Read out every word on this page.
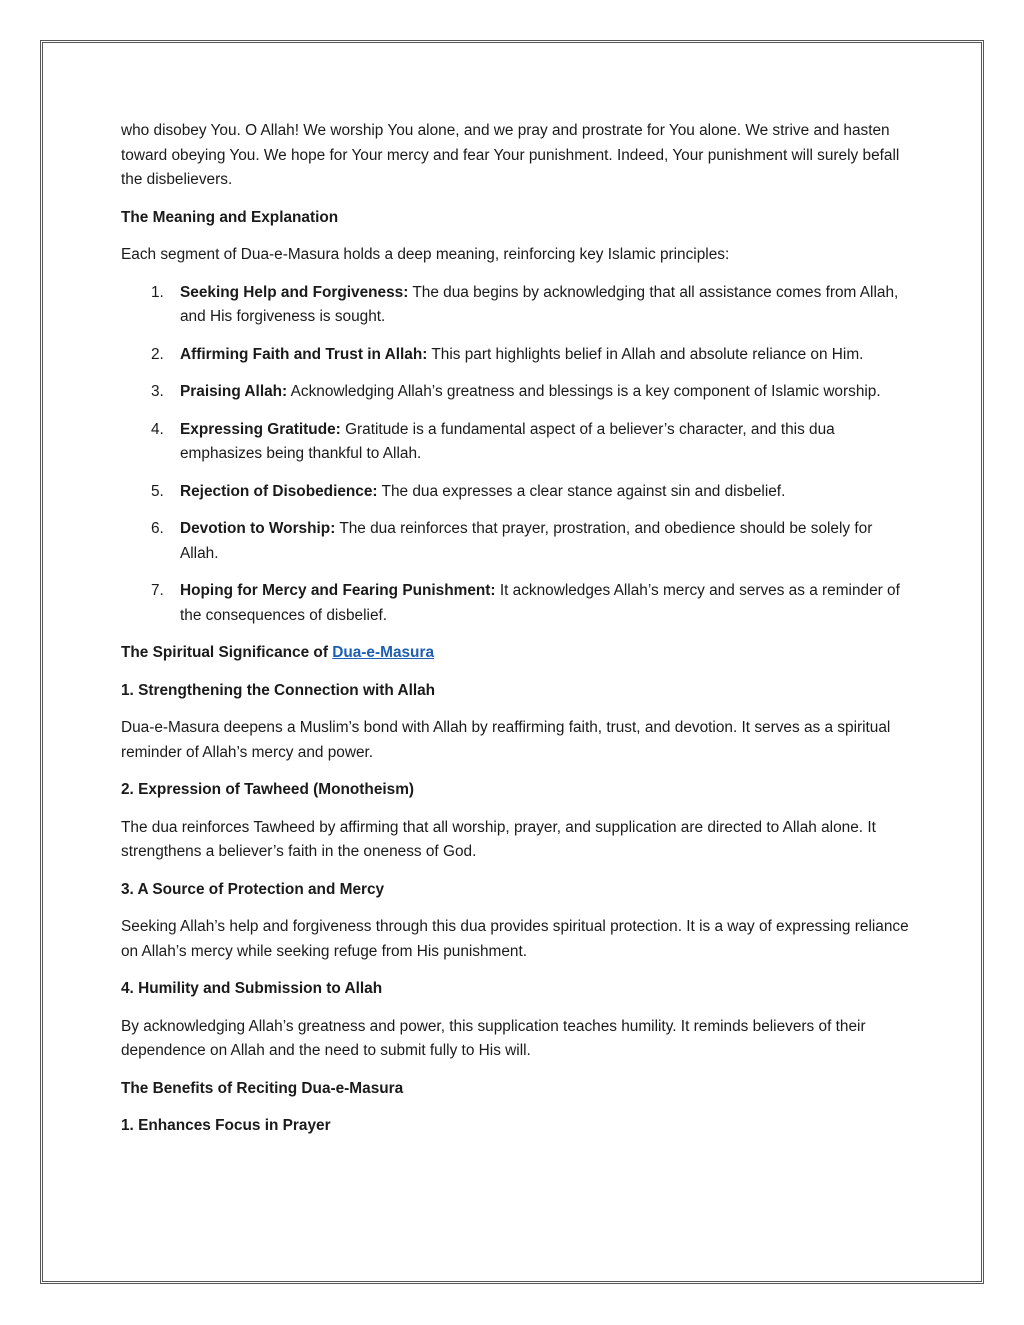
who disobey You. O Allah! We worship You alone, and we pray and prostrate for You alone. We strive and hasten toward obeying You. We hope for Your mercy and fear Your punishment. Indeed, Your punishment will surely befall the disbelievers.

The Meaning and Explanation

Each segment of Dua-e-Masura holds a deep meaning, reinforcing key Islamic principles:

1. Seeking Help and Forgiveness: The dua begins by acknowledging that all assistance comes from Allah, and His forgiveness is sought.
2. Affirming Faith and Trust in Allah: This part highlights belief in Allah and absolute reliance on Him.
3. Praising Allah: Acknowledging Allah’s greatness and blessings is a key component of Islamic worship.
4. Expressing Gratitude: Gratitude is a fundamental aspect of a believer’s character, and this dua emphasizes being thankful to Allah.
5. Rejection of Disobedience: The dua expresses a clear stance against sin and disbelief.
6. Devotion to Worship: The dua reinforces that prayer, prostration, and obedience should be solely for Allah.
7. Hoping for Mercy and Fearing Punishment: It acknowledges Allah’s mercy and serves as a reminder of the consequences of disbelief.

The Spiritual Significance of Dua-e-Masura

1. Strengthening the Connection with Allah

Dua-e-Masura deepens a Muslim’s bond with Allah by reaffirming faith, trust, and devotion. It serves as a spiritual reminder of Allah’s mercy and power.

2. Expression of Tawheed (Monotheism)

The dua reinforces Tawheed by affirming that all worship, prayer, and supplication are directed to Allah alone. It strengthens a believer’s faith in the oneness of God.

3. A Source of Protection and Mercy

Seeking Allah’s help and forgiveness through this dua provides spiritual protection. It is a way of expressing reliance on Allah’s mercy while seeking refuge from His punishment.

4. Humility and Submission to Allah

By acknowledging Allah’s greatness and power, this supplication teaches humility. It reminds believers of their dependence on Allah and the need to submit fully to His will.

The Benefits of Reciting Dua-e-Masura

1. Enhances Focus in Prayer
